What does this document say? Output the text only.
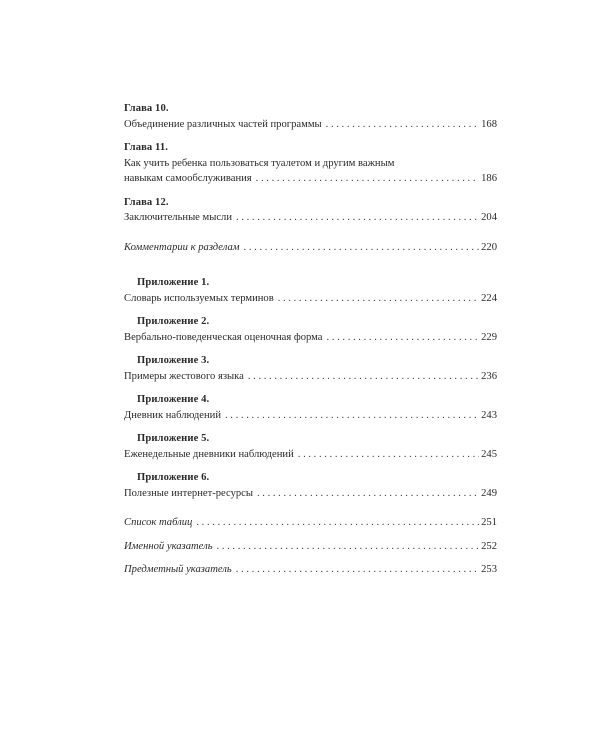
Глава 10.
Объединение различных частей программы . . .	168
Глава 11.
Как учить ребенка пользоваться туалетом и другим важным
навыкам самообслуживания . . .	186
Глава 12.
Заключительные мысли . . .	204
Комментарии к разделам . . .	220
Приложение 1.
Словарь используемых терминов . . .	224
Приложение 2.
Вербально-поведенческая оценочная форма . . .	229
Приложение 3.
Примеры жестового языка . . .	236
Приложение 4.
Дневник наблюдений . . .	243
Приложение 5.
Еженедельные дневники наблюдений . . .	245
Приложение 6.
Полезные интернет-ресурсы . . .	249
Список таблиц . . .	251
Именной указатель . . .	252
Предметный указатель . . .	253
